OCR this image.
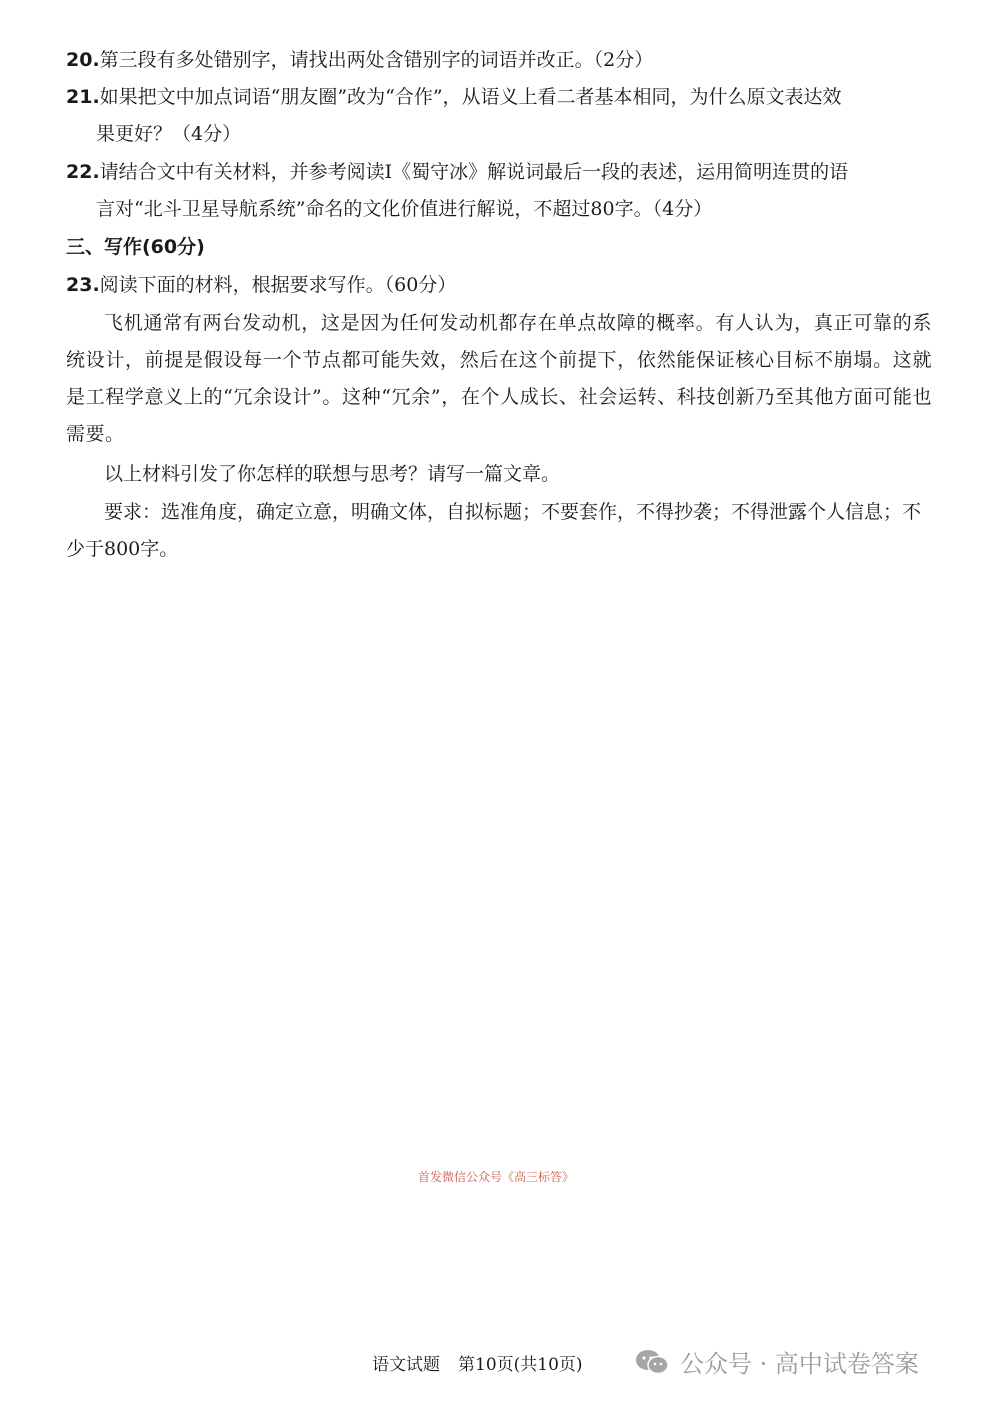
20.第三段有多处错别字，请找出两处含错别字的词语并改正。（2分）
21.如果把文中加点词语“朋友圈”改为“合作”，从语义上看二者基本相同，为什么原文表达效
果更好？（4分）
22.请结合文中有关材料，并参考阅读Ⅰ《蜀守冰》解说词最后一段的表述，运用简明连贯的语
言对“北斗卫星导航系统”命名的文化价值进行解说，不超过80字。（4分）
三、写作(60分)
23.阅读下面的材料，根据要求写作。（60分）
飞机通常有两台发动机，这是因为任何发动机都存在单点故障的概率。有人认为，真正可靠的系统设计，前提是假设每一个节点都可能失效，然后在这个前提下，依然能保证核心目标不崩塌。这就是工程学意义上的“冗余设计”。这种“冗余”，在个人成长、社会运转、科技创新乃至其他方面可能也需要。
以上材料引发了你怎样的联想与思考？请写一篇文章。
要求：选准角度，确定立意，明确文体，自拟标题；不要套作，不得抄袭；不得泄露个人信息；不少于800字。
首发微信公众号《高三标答》
语文试题 第10页(共10页)	公众号 · 高中试卷答案
